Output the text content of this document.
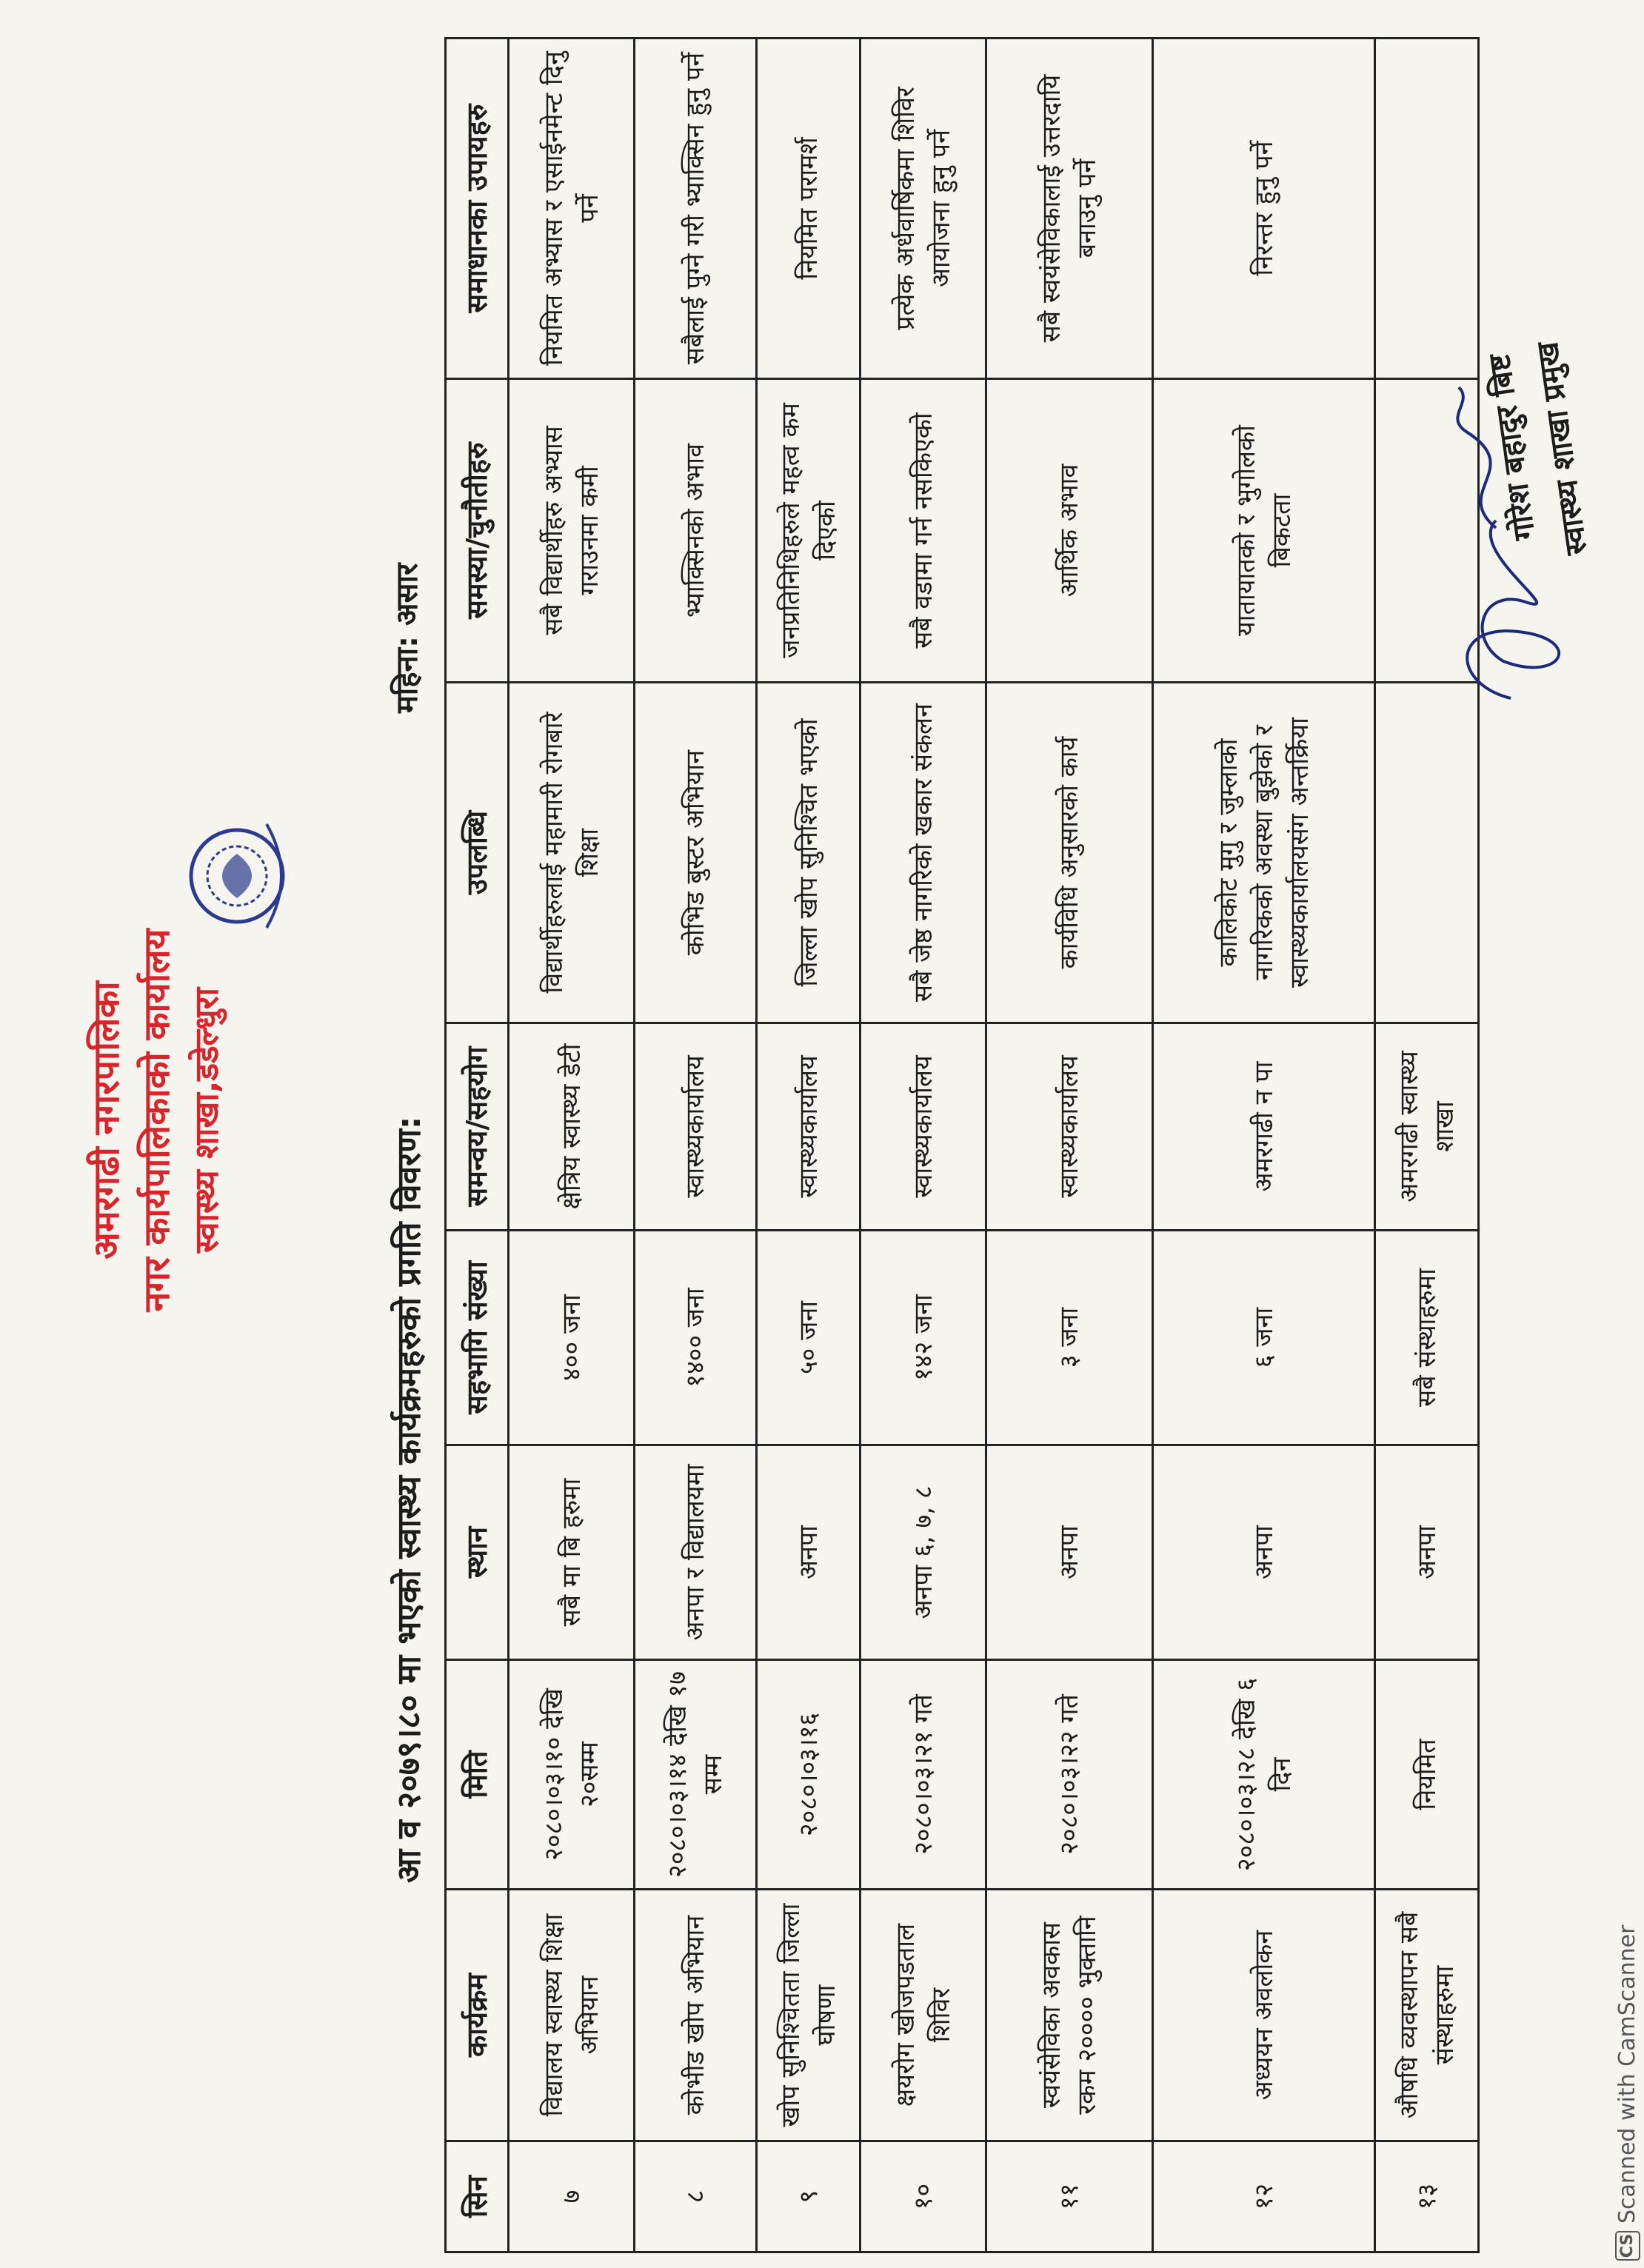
अमरगढी नगरपालिका नगर कार्यपालिकाको कार्यालय स्वास्थ्य शाखा,डडेल्धुरा	आ व २०७९।८० मा भएको स्वास्थ्य कार्यक्रमहरुको प्रगति विवरण:
महिना: असार
सिन	कार्यक्रम	मिति	स्थान	सहभागि संख्या	समन्वय/सहयोग	उपलब्धि	समस्या/चुनौतीहरु	समाधानका उपायहरु
७	विद्यालय स्वास्थ्य शिक्षा अभियान	२०८०।०३।१० देखि २०सम्म	सबै मा बि हरुमा	४०० जना	क्षेत्रिय स्वास्थ्य डेटी	विद्यार्थीहरुलाई महामारी रोगबारे शिक्षा	सबै विद्यार्थीहरु अभ्यास गराउनमा कमी	नियमित अभ्यास र एसाईनमेन्ट दिनु पर्ने
८	कोभीड खोप अभियान	२०८०।०३।१४ देखि १७ सम्म	अनपा र विद्यालयमा	१४०० जना	स्वास्थ्यकार्यालय	कोभिड बुस्टर अभियान	भ्याक्सिनको अभाव	सबैलाई पुग्ने गरी भ्याक्सिन हुनु पर्ने
९	खोप सुनिश्चितता जिल्ला घोषणा	२०८०।०३।१६	अनपा	५० जना	स्वास्थ्यकार्यालय	जिल्ला खोप सुनिश्चित भएको	जनप्रतिनिधिहरुले महत्व कम दिएको	नियमित परामर्श
१०	क्षयरोग खोजपडताल शिविर	२०८०।०३।२१ गते	अनपा ६, ७, ८	१४२ जना	स्वास्थ्यकार्यालय	सबै जेष्ठ नागरिको खकार संकलन	सबै वडामा गर्न नसकिएको	प्रत्येक अर्धवार्षिकमा शिविर आयोजना हुनु पर्ने
११	स्वयंसेविका अवकास रकम २०००० भुक्तानि	२०८०।०३।२२ गते	अनपा	३ जना	स्वास्थ्यकार्यालय	कार्यविधि अनुसारको कार्य	आर्थिक अभाव	सबै स्वयंसेविकालाई उत्तरदायि बनाउनु पर्ने
१२	अध्ययन अवलोकन	२०८०।०३।२८ देखि ६ दिन	अनपा	६ जना	अमरगढी न पा	कालिकोट मुगु र जुम्लाको नागरिकको अवस्था बुझेको र स्वास्थ्यकार्यालयसंग अन्तर्क्रिया	यातायातको र भुगोलको बिकटता	निरन्तर हुनु पर्ने
१३	औषधि व्यवस्थापन सबै संस्थाहरुमा	नियमित	अनपा	सबै संस्थाहरुमा	अमरगढी स्वास्थ्य शाखा			
गोरेश बहादुर बिष्ट
स्वास्थ्य शाखा प्रमुख
CS
Scanned with CamScanner
